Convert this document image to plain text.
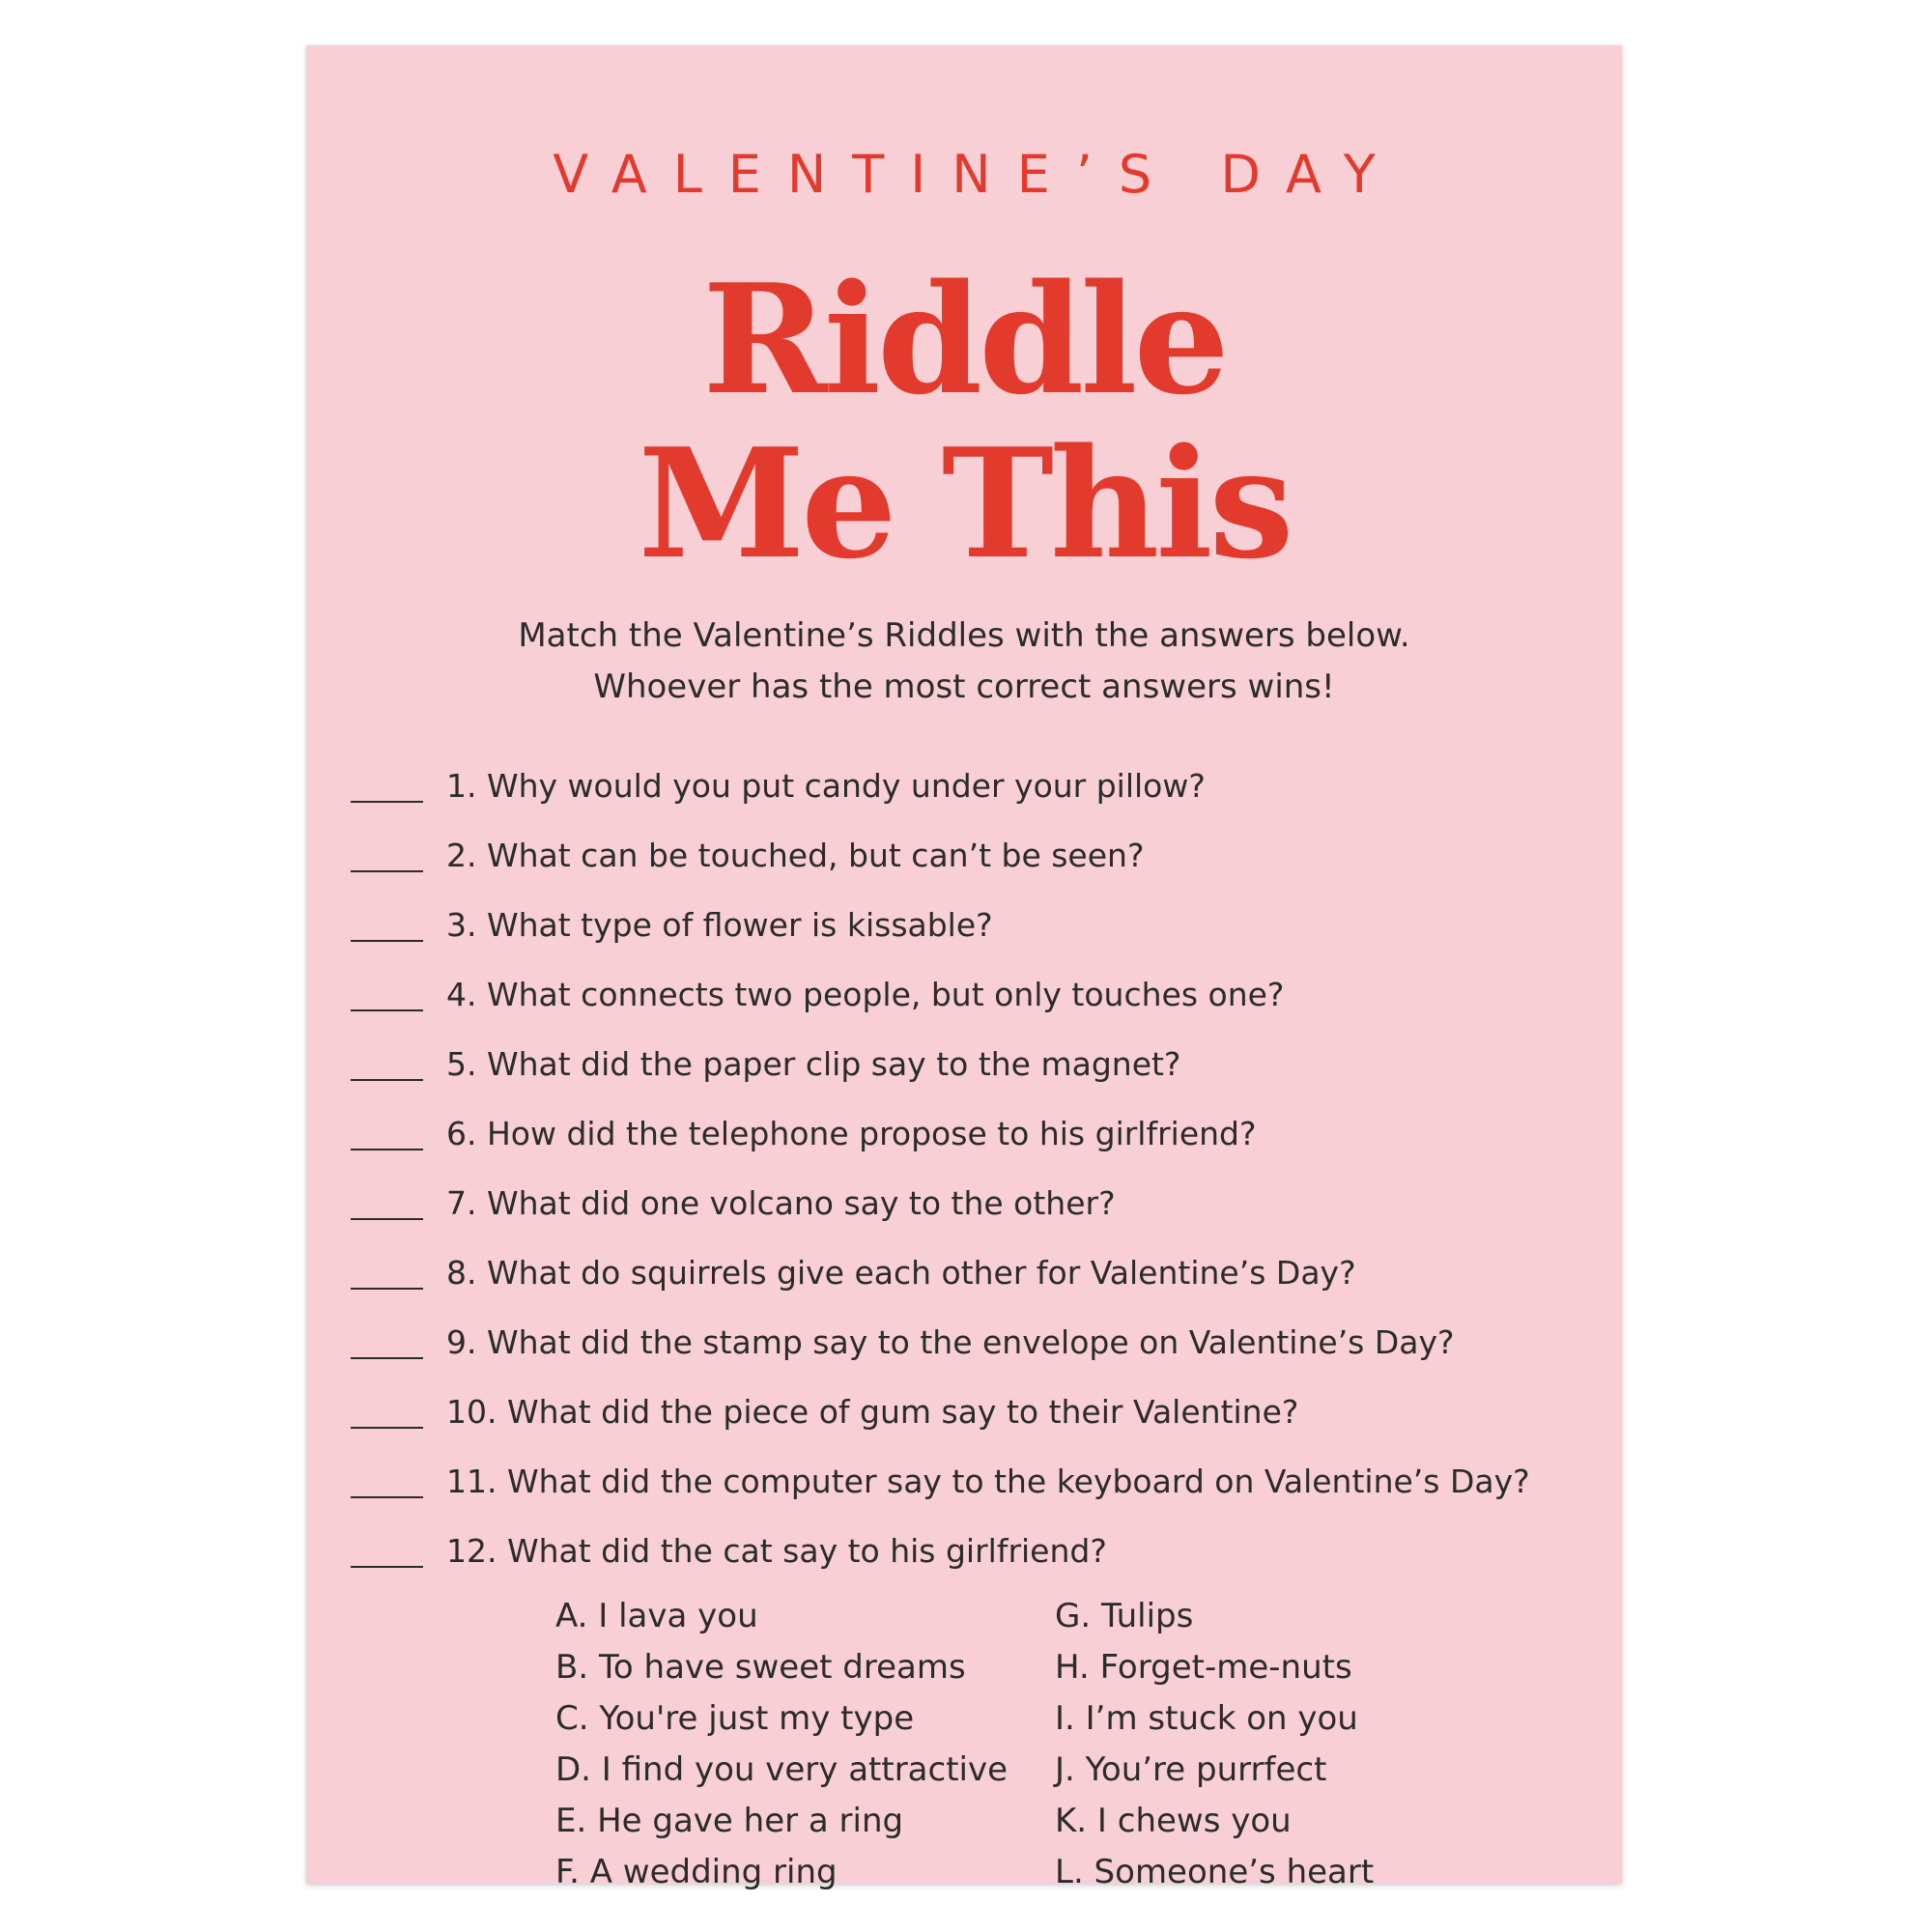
VALENTINE’S DAY
Riddle
Me This
Match the Valentine’s Riddles with the answers below.
Whoever has the most correct answers wins!
1. Why would you put candy under your pillow?
2. What can be touched, but can’t be seen?
3. What type of flower is kissable?
4. What connects two people, but only touches one?
5. What did the paper clip say to the magnet?
6. How did the telephone propose to his girlfriend?
7. What did one volcano say to the other?
8. What do squirrels give each other for Valentine’s Day?
9. What did the stamp say to the envelope on Valentine’s Day?
10. What did the piece of gum say to their Valentine?
11. What did the computer say to the keyboard on Valentine’s Day?
12. What did the cat say to his girlfriend?
A. I lava you
B. To have sweet dreams
C. You're just my type
D. I find you very attractive
E. He gave her a ring
F. A wedding ring
G. Tulips
H. Forget-me-nuts
I. I’m stuck on you
J. You’re purrfect
K. I chews you
L. Someone’s heart
